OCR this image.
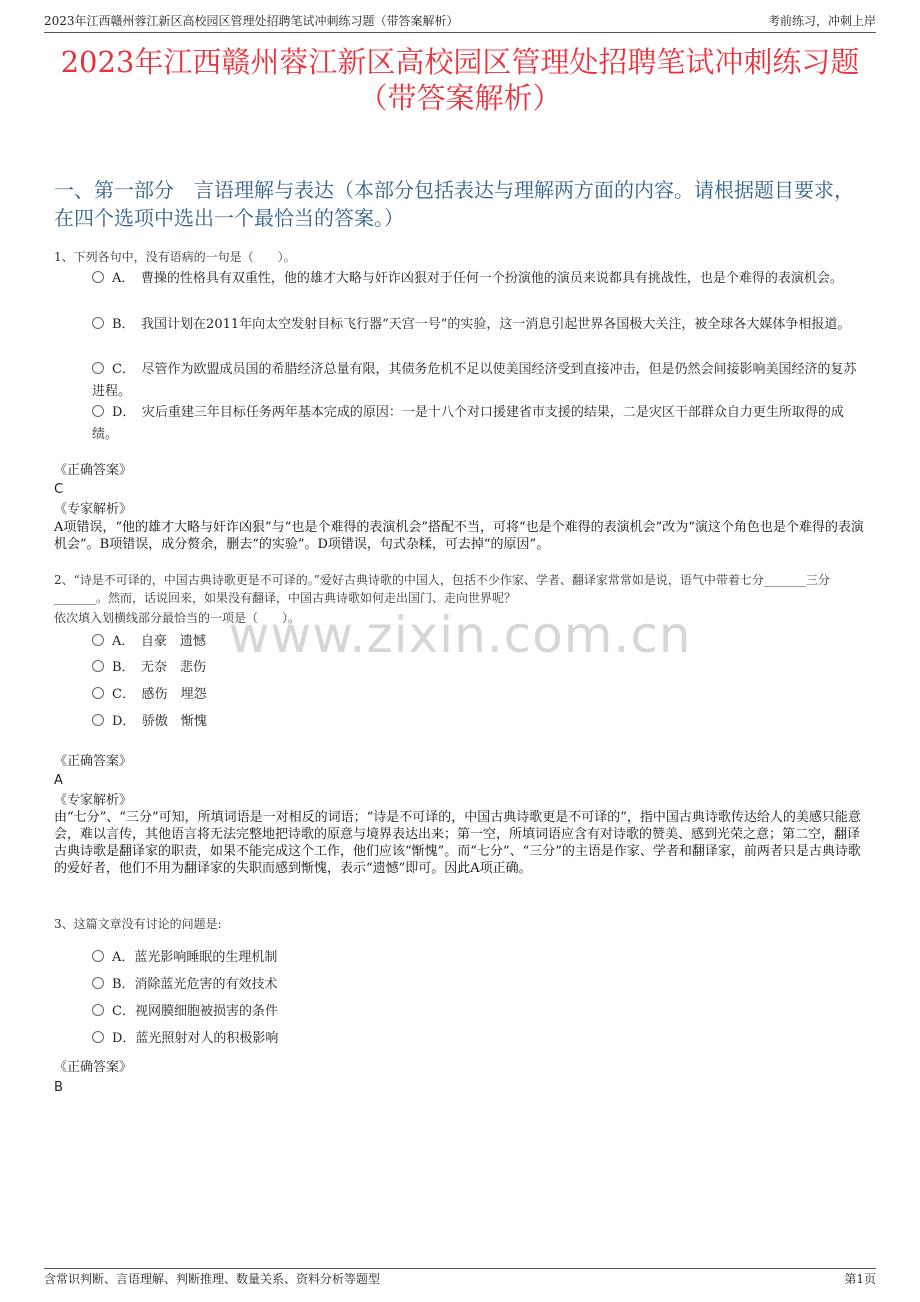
2023年江西赣州蓉江新区高校园区管理处招聘笔试冲刺练习题（带答案解析）	考前练习，冲刺上岸
2023年江西赣州蓉江新区高校园区管理处招聘笔试冲刺练习题
（带答案解析）
一、第一部分　言语理解与表达（本部分包括表达与理解两方面的内容。请根据题目要求，在四个选项中选出一个最恰当的答案。）
1、下列各句中，没有语病的一句是（　　）。
A．　曹操的性格具有双重性，他的雄才大略与奸诈凶狠对于任何一个扮演他的演员来说都具有挑战性，也是个难得的表演机会。
B．　我国计划在2011年向太空发射目标飞行器“天宫一号”的实验，这一消息引起世界各国极大关注，被全球各大媒体争相报道。
C．　尽管作为欧盟成员国的希腊经济总量有限，其债务危机不足以使美国经济受到直接冲击，但是仍然会间接影响美国经济的复苏进程。
D．　灾后重建三年目标任务两年基本完成的原因：一是十八个对口援建省市支援的结果，二是灾区干部群众自力更生所取得的成绩。
《正确答案》
C
《专家解析》
A项错误，“他的雄才大略与奸诈凶狠”与“也是个难得的表演机会”搭配不当，可将“也是个难得的表演机会”改为“演这个角色也是个难得的表演机会”。B项错误，成分赘余，删去“的实验”。D项错误，句式杂糅，可去掉“的原因”。
2、“诗是不可译的，中国古典诗歌更是不可译的。”爱好古典诗歌的中国人，包括不少作家、学者、翻译家常常如是说，语气中带着七分_______三分_______。然而，话说回来，如果没有翻译，中国古典诗歌如何走出国门、走向世界呢？
依次填入划横线部分最恰当的一项是（　　）。
www.zixin.com.cn
A．　自豪　遗憾
B．　无奈　悲伤
C．　感伤　埋怨
D．　骄傲　惭愧
《正确答案》
A
《专家解析》
由“七分”、“三分”可知，所填词语是一对相反的词语；“诗是不可译的，中国古典诗歌更是不可译的”，指中国古典诗歌传达给人的美感只能意会，难以言传，其他语言将无法完整地把诗歌的原意与境界表达出来；第一空，所填词语应含有对诗歌的赞美、感到光荣之意；第二空，翻译古典诗歌是翻译家的职责，如果不能完成这个工作，他们应该“惭愧”。而“七分”、“三分”的主语是作家、学者和翻译家，前两者只是古典诗歌的爱好者，他们不用为翻译家的失职而感到惭愧，表示“遗憾”即可。因此A项正确。
3、这篇文章没有讨论的问题是:
A．蓝光影响睡眠的生理机制
B．消除蓝光危害的有效技术
C．视网膜细胞被损害的条件
D．蓝光照射对人的积极影响
《正确答案》
B
含常识判断、言语理解、判断推理、数量关系、资料分析等题型	第1页
